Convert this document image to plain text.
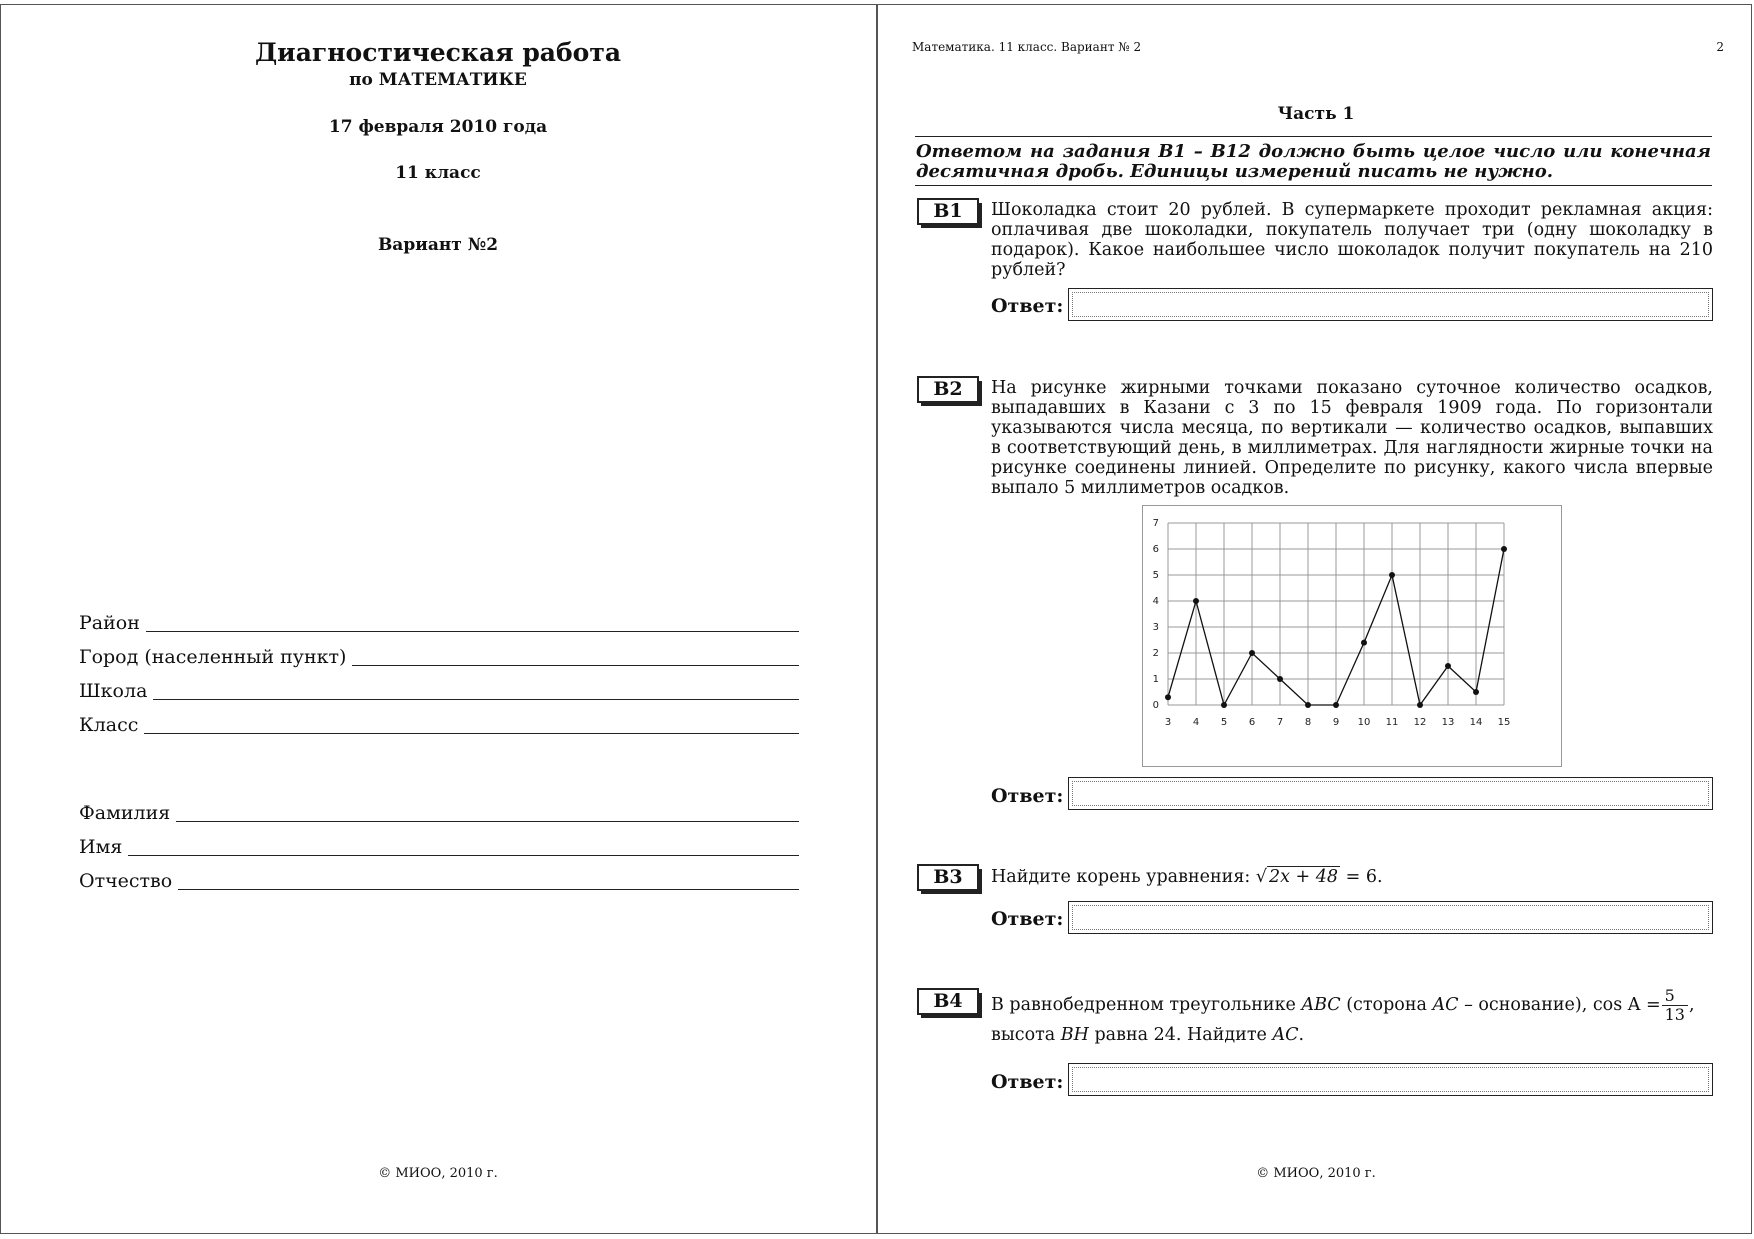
Диагностическая работа
по МАТЕМАТИКЕ
17 февраля 2010 года
11 класс
Вариант №2
Район
Город (населенный пункт)
Школа
Класс
Фамилия
Имя
Отчество
© МИОО, 2010 г.
Математика. 11 класс. Вариант № 2	2
Часть 1
Ответом на задания B1 – B12 должно быть целое число или конечная десятичная дробь. Единицы измерений писать не нужно.
B1	Шоколадка стоит 20 рублей. В супермаркете проходит рекламная акция: оплачивая две шоколадки, покупатель получает три (одну шоколадку в подарок). Какое наибольшее число шоколадок получит покупатель на 210 рублей?
Ответ:
B2	На рисунке жирными точками показано суточное количество осадков, выпадавших в Казани с 3 по 15 февраля 1909 года. По горизонтали указываются числа месяца, по вертикали — количество осадков, выпавших в соответствующий день, в миллиметрах. Для наглядности жирные точки на рисунке соединены линией. Определите по рисунку, какого числа впервые выпало 5 миллиметров осадков.
3 4 5 6 7 8 9 10 11 12 13 14 15
0
1
2
3
4
5
6
7
Ответ:
B3	Найдите корень уравнения: √ 2x + 48 = 6.
Ответ:
B4	В равнобедренном треугольнике ABC (сторона AC – основание), $\cos A = \frac{5}{13}$ ,
высота BH равна 24. Найдите AC.
Ответ:
© МИОО, 2010 г.
